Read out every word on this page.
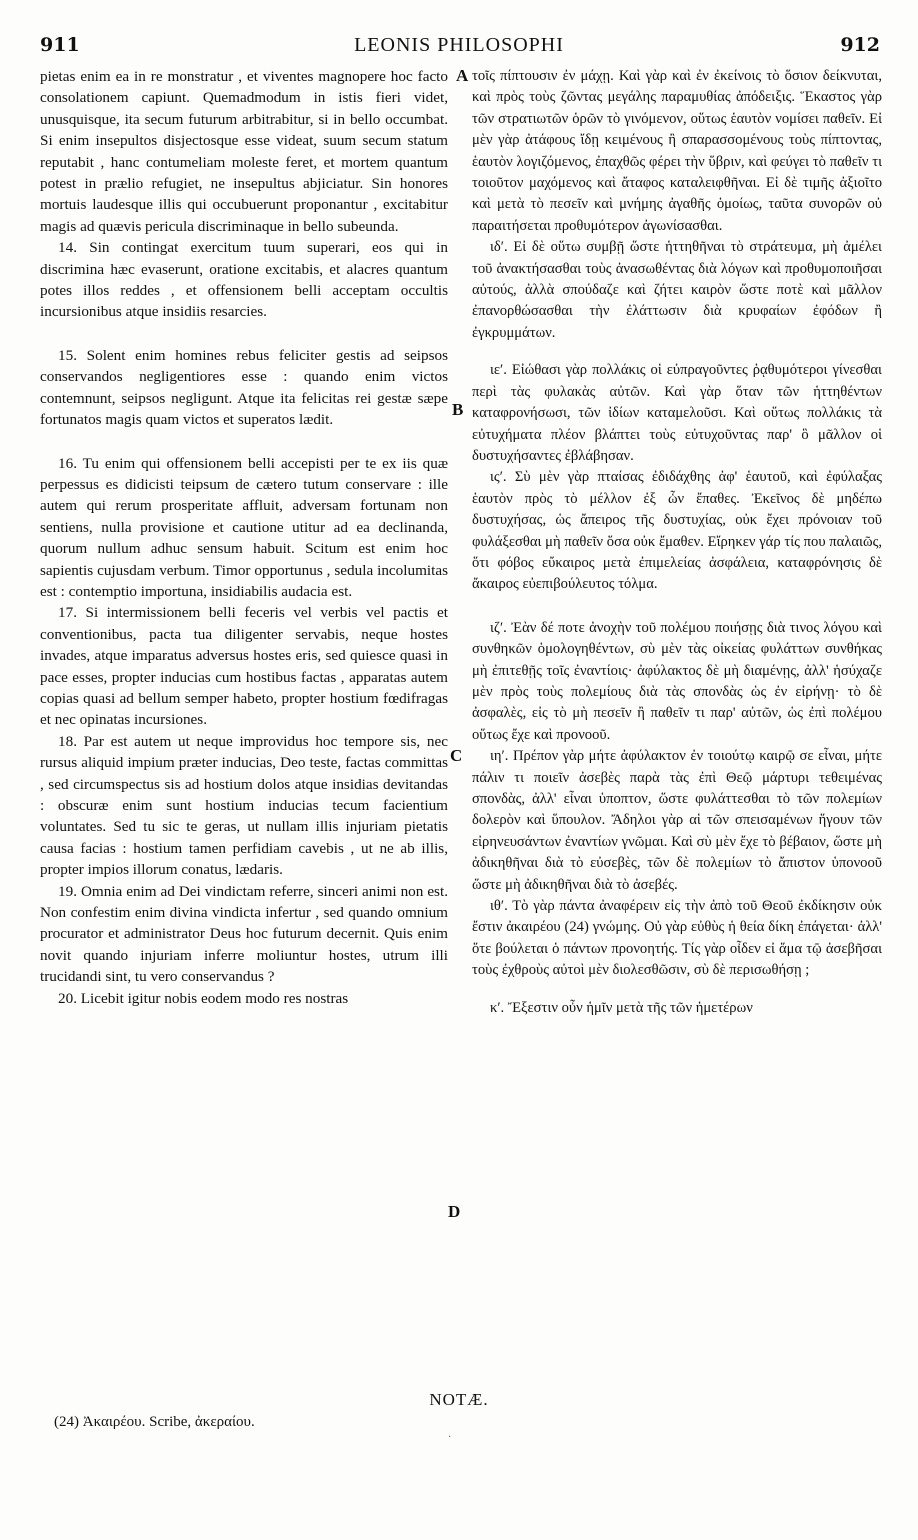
911	LEONIS PHILOSOPHI	912

pietas enim ea in re monstratur , et viventes magnopere hoc facto consolationem capiunt. Quemadmodum in istis fieri videt, unusquisque, ita secum futurum arbitrabitur, si in bello occumbat. Si enim insepultos disjectosque esse videat, suum secum statum reputabit , hanc contumeliam moleste feret, et mortem quantum potest in prælio refugiet, ne insepultus abjiciatur. Sin honores mortuis laudesque illis qui occubuerunt proponantur , excitabitur magis ad quævis pericula discriminaque in bello subeunda.

14. Sin contingat exercitum tuum superari, eos qui in discrimina hæc evaserunt, oratione excitabis, et alacres quantum potes illos reddes , et offensionem belli acceptam occultis incursionibus atque insidiis resarcies.

15. Solent enim homines rebus feliciter gestis ad seipsos conservandos negligentiores esse : quando enim victos contemnunt, seipsos negligunt. Atque ita felicitas rei gestæ sæpe fortunatos magis quam victos et superatos lædit.

16. Tu enim qui offensionem belli accepisti per te ex iis quæ perpessus es didicisti teipsum de cætero tutum conservare : ille autem qui rerum prosperitate affluit, adversam fortunam non sentiens, nulla provisione et cautione utitur ad ea declinanda, quorum nullum adhuc sensum habuit. Scitum est enim hoc sapientis cujusdam verbum. Timor opportunus , sedula incolumitas est : contemptio importuna, insidiabilis audacia est.

17. Si intermissionem belli feceris vel verbis vel pactis et conventionibus, pacta tua diligenter servabis, neque hostes invades, atque imparatus adversus hostes eris, sed quiesce quasi in pace esses, propter inducias cum hostibus factas , apparatas autem copias quasi ad bellum semper habeto, propter hostium fœdifragas et nec opinatas incursiones.

18. Par est autem ut neque improvidus hoc tempore sis, nec rursus aliquid impium præter inducias, Deo teste, factas committas , sed circumspectus sis ad hostium dolos atque insidias devitandas : obscuræ enim sunt hostium inducias tecum facientium voluntates. Sed tu sic te geras, ut nullam illis injuriam pietatis causa facias : hostium tamen perfidiam cavebis , ut ne ab illis, propter impios illorum conatus, lædaris.

19. Omnia enim ad Dei vindictam referre, sinceri animi non est. Non confestim enim divina vindicta infertur , sed quando omnium procurator et administrator Deus hoc futurum decernit. Quis enim novit quando injuriam inferre moliuntur hostes, utrum illi trucidandi sint, tu vero conservandus ?

20. Licebit igitur nobis eodem modo res nostras

A
B
C
D

τοῖς πίπτουσιν ἐν μάχῃ. Καὶ γὰρ καὶ ἐν ἐκείνοις τὸ ὅσιον δείκνυται, καὶ πρὸς τοὺς ζῶντας μεγάλης παραμυθίας ἀπόδειξις. Ἕκαστος γὰρ τῶν στρατιωτῶν ὁρῶν τὸ γινόμενον, οὕτως ἑαυτὸν νομίσει παθεῖν. Εἰ μὲν γὰρ ἀτάφους ἴδῃ κειμένους ἢ σπαρασσομένους τοὺς πίπτοντας, ἑαυτὸν λογιζόμενος, ἐπαχθῶς φέρει τὴν ὕβριν, καὶ φεύγει τὸ παθεῖν τι τοιοῦτον μαχόμενος καὶ ἄταφος καταλειφθῆναι. Εἰ δὲ τιμῆς ἀξιοῖτο καὶ μετὰ τὸ πεσεῖν καὶ μνήμης ἀγαθῆς ὁμοίως, ταῦτα συνορῶν οὐ παραιτήσεται προθυμότερον ἀγωνίσασθαι.

ιδʹ. Εἰ δὲ οὕτω συμβῇ ὥστε ἡττηθῆναι τὸ στράτευμα, μὴ ἀμέλει τοῦ ἀνακτήσασθαι τοὺς ἀνασωθέντας διὰ λόγων καὶ προθυμοποιῆσαι αὐτούς, ἀλλὰ σπούδαζε καὶ ζήτει καιρὸν ὥστε ποτὲ καὶ μᾶλλον ἐπανορθώσασθαι τὴν ἐλάττωσιν διὰ κρυφαίων ἐφόδων ἢ ἐγκρυμμάτων.

ιεʹ. Εἰώθασι γὰρ πολλάκις οἱ εὐπραγοῦντες ῥᾳθυμότεροι γίνεσθαι περὶ τὰς φυλακὰς αὐτῶν. Καὶ γὰρ ὅταν τῶν ἡττηθέντων καταφρονήσωσι, τῶν ἰδίων καταμελοῦσι. Καὶ οὕτως πολλάκις τὰ εὐτυχήματα πλέον βλάπτει τοὺς εὐτυχοῦντας παρ' ὃ μᾶλλον οἱ δυστυχήσαντες ἐβλάβησαν.

ιςʹ. Σὺ μὲν γὰρ πταίσας ἐδιδάχθης ἀφ' ἑαυτοῦ, καὶ ἐφύλαξας ἑαυτὸν πρὸς τὸ μέλλον ἐξ ὧν ἔπαθες. Ἐκεῖνος δὲ μηδέπω δυστυχήσας, ὡς ἄπειρος τῆς δυστυχίας, οὐκ ἔχει πρόνοιαν τοῦ φυλάξεσθαι μὴ παθεῖν ὅσα οὐκ ἔμαθεν. Εἴρηκεν γάρ τίς που παλαιῶς, ὅτι φόβος εὔκαιρος μετὰ ἐπιμελείας ἀσφάλεια, καταφρόνησις δὲ ἄκαιρος εὐεπιβούλευτος τόλμα.

ιζʹ. Ἐὰν δέ ποτε ἀνοχὴν τοῦ πολέμου ποιήσῃς διὰ τινος λόγου καὶ συνθηκῶν ὁμολογηθέντων, σὺ μὲν τὰς οἰκείας φυλάττων συνθήκας μὴ ἐπιτεθῇς τοῖς ἐναντίοις· ἀφύλακτος δὲ μὴ διαμένῃς, ἀλλ' ἡσύχαζε μὲν πρὸς τοὺς πολεμίους διὰ τὰς σπονδὰς ὡς ἐν εἰρήνῃ· τὸ δὲ ἀσφαλὲς, εἰς τὸ μὴ πεσεῖν ἢ παθεῖν τι παρ' αὐτῶν, ὡς ἐπὶ πολέμου οὕτως ἔχε καὶ προνοοῦ.

ιηʹ. Πρέπον γὰρ μήτε ἀφύλακτον ἐν τοιούτῳ καιρῷ σε εἶναι, μήτε πάλιν τι ποιεῖν ἀσεβὲς παρὰ τὰς ἐπὶ Θεῷ μάρτυρι τεθειμένας σπονδὰς, ἀλλ' εἶναι ὑποπτον, ὥστε φυλάττεσθαι τὸ τῶν πολεμίων δολερὸν καὶ ὕπουλον. Ἄδηλοι γὰρ αἱ τῶν σπεισαμένων ἥγουν τῶν εἰρηνευσάντων ἐναντίων γνῶμαι. Καὶ σὺ μὲν ἔχε τὸ βέβαιον, ὥστε μὴ ἀδικηθῆναι διὰ τὸ εὐσεβὲς, τῶν δὲ πολεμίων τὸ ἄπιστον ὑπονοοῦ ὥστε μὴ ἀδικηθῆναι διὰ τὸ ἀσεβές.

ιθʹ. Τὸ γὰρ πάντα ἀναφέρειν εἰς τὴν ἀπὸ τοῦ Θεοῦ ἐκδίκησιν οὐκ ἔστιν ἀκαιρέου (24) γνώμης. Οὐ γὰρ εὐθὺς ἡ θεία δίκη ἐπάγεται· ἀλλ' ὅτε βούλεται ὁ πάντων προνοητής. Τίς γὰρ οἶδεν εἰ ἅμα τῷ ἀσεβῆσαι τοὺς ἐχθροὺς αὐτοὶ μὲν διολεσθῶσιν, σὺ δὲ περισωθήσῃ ;

κʹ. Ἔξεστιν οὖν ἡμῖν μετὰ τῆς τῶν ἡμετέρων

NOTÆ.
(24) Ἀκαιρέου. Scribe, ἀκεραίου.
·
